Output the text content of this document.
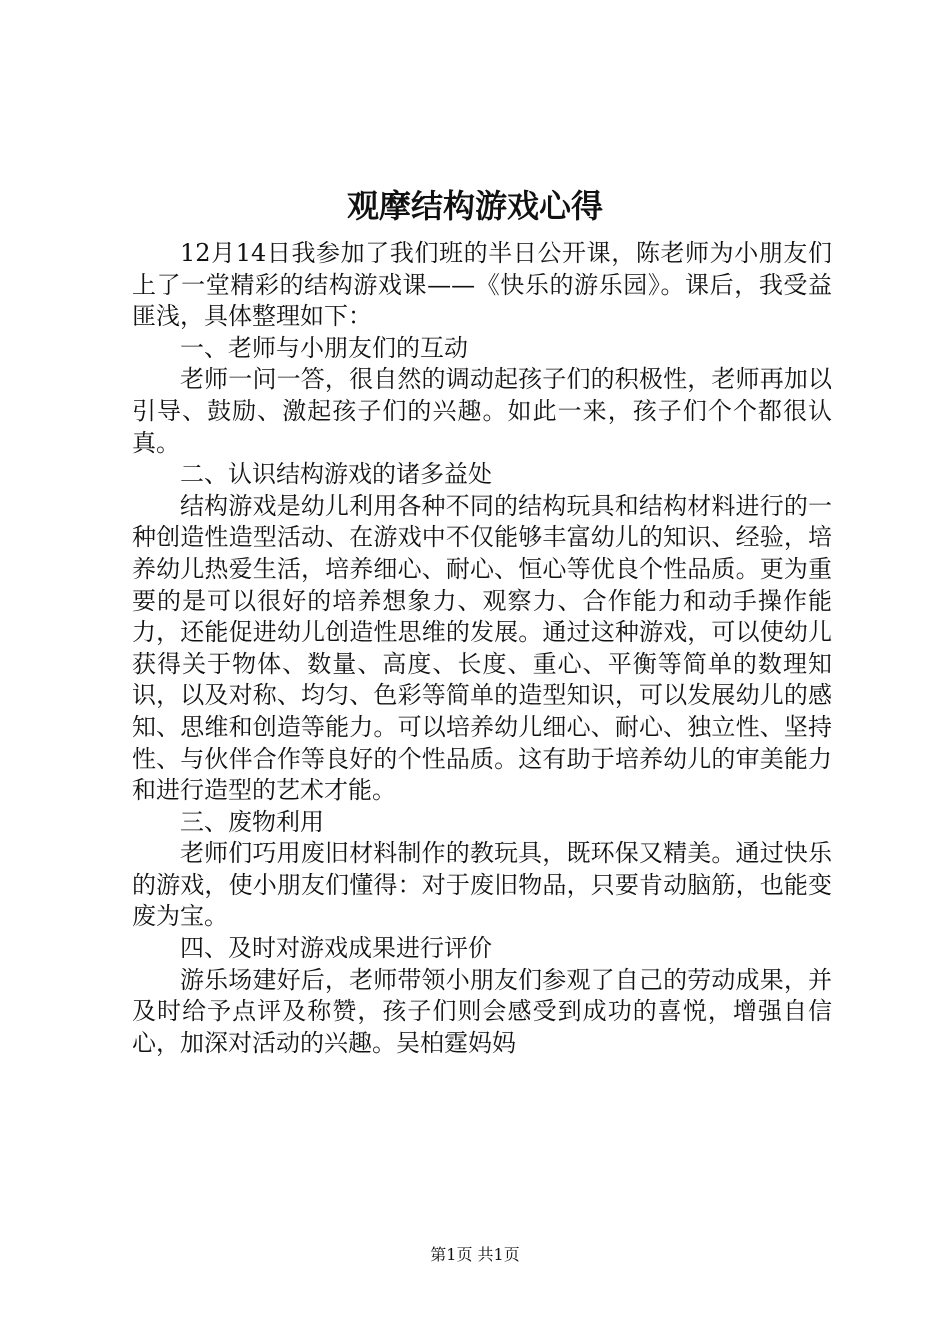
观摩结构游戏心得

12月14日我参加了我们班的半日公开课，陈老师为小朋友们上了一堂精彩的结构游戏课——《快乐的游乐园》。课后，我受益匪浅，具体整理如下：

一、老师与小朋友们的互动

老师一问一答，很自然的调动起孩子们的积极性，老师再加以引导、鼓励、激起孩子们的兴趣。如此一来，孩子们个个都很认真。

二、认识结构游戏的诸多益处

结构游戏是幼儿利用各种不同的结构玩具和结构材料进行的一种创造性造型活动、在游戏中不仅能够丰富幼儿的知识、经验，培养幼儿热爱生活，培养细心、耐心、恒心等优良个性品质。更为重要的是可以很好的培养想象力、观察力、合作能力和动手操作能力，还能促进幼儿创造性思维的发展。通过这种游戏，可以使幼儿获得关于物体、数量、高度、长度、重心、平衡等简单的数理知识，以及对称、均匀、色彩等简单的造型知识，可以发展幼儿的感知、思维和创造等能力。可以培养幼儿细心、耐心、独立性、坚持性、与伙伴合作等良好的个性品质。这有助于培养幼儿的审美能力和进行造型的艺术才能。

三、废物利用

老师们巧用废旧材料制作的教玩具，既环保又精美。通过快乐的游戏，使小朋友们懂得：对于废旧物品，只要肯动脑筋，也能变废为宝。

四、及时对游戏成果进行评价

游乐场建好后，老师带领小朋友们参观了自己的劳动成果，并及时给予点评及称赞，孩子们则会感受到成功的喜悦，增强自信心，加深对活动的兴趣。吴柏霆妈妈

第1页 共1页
